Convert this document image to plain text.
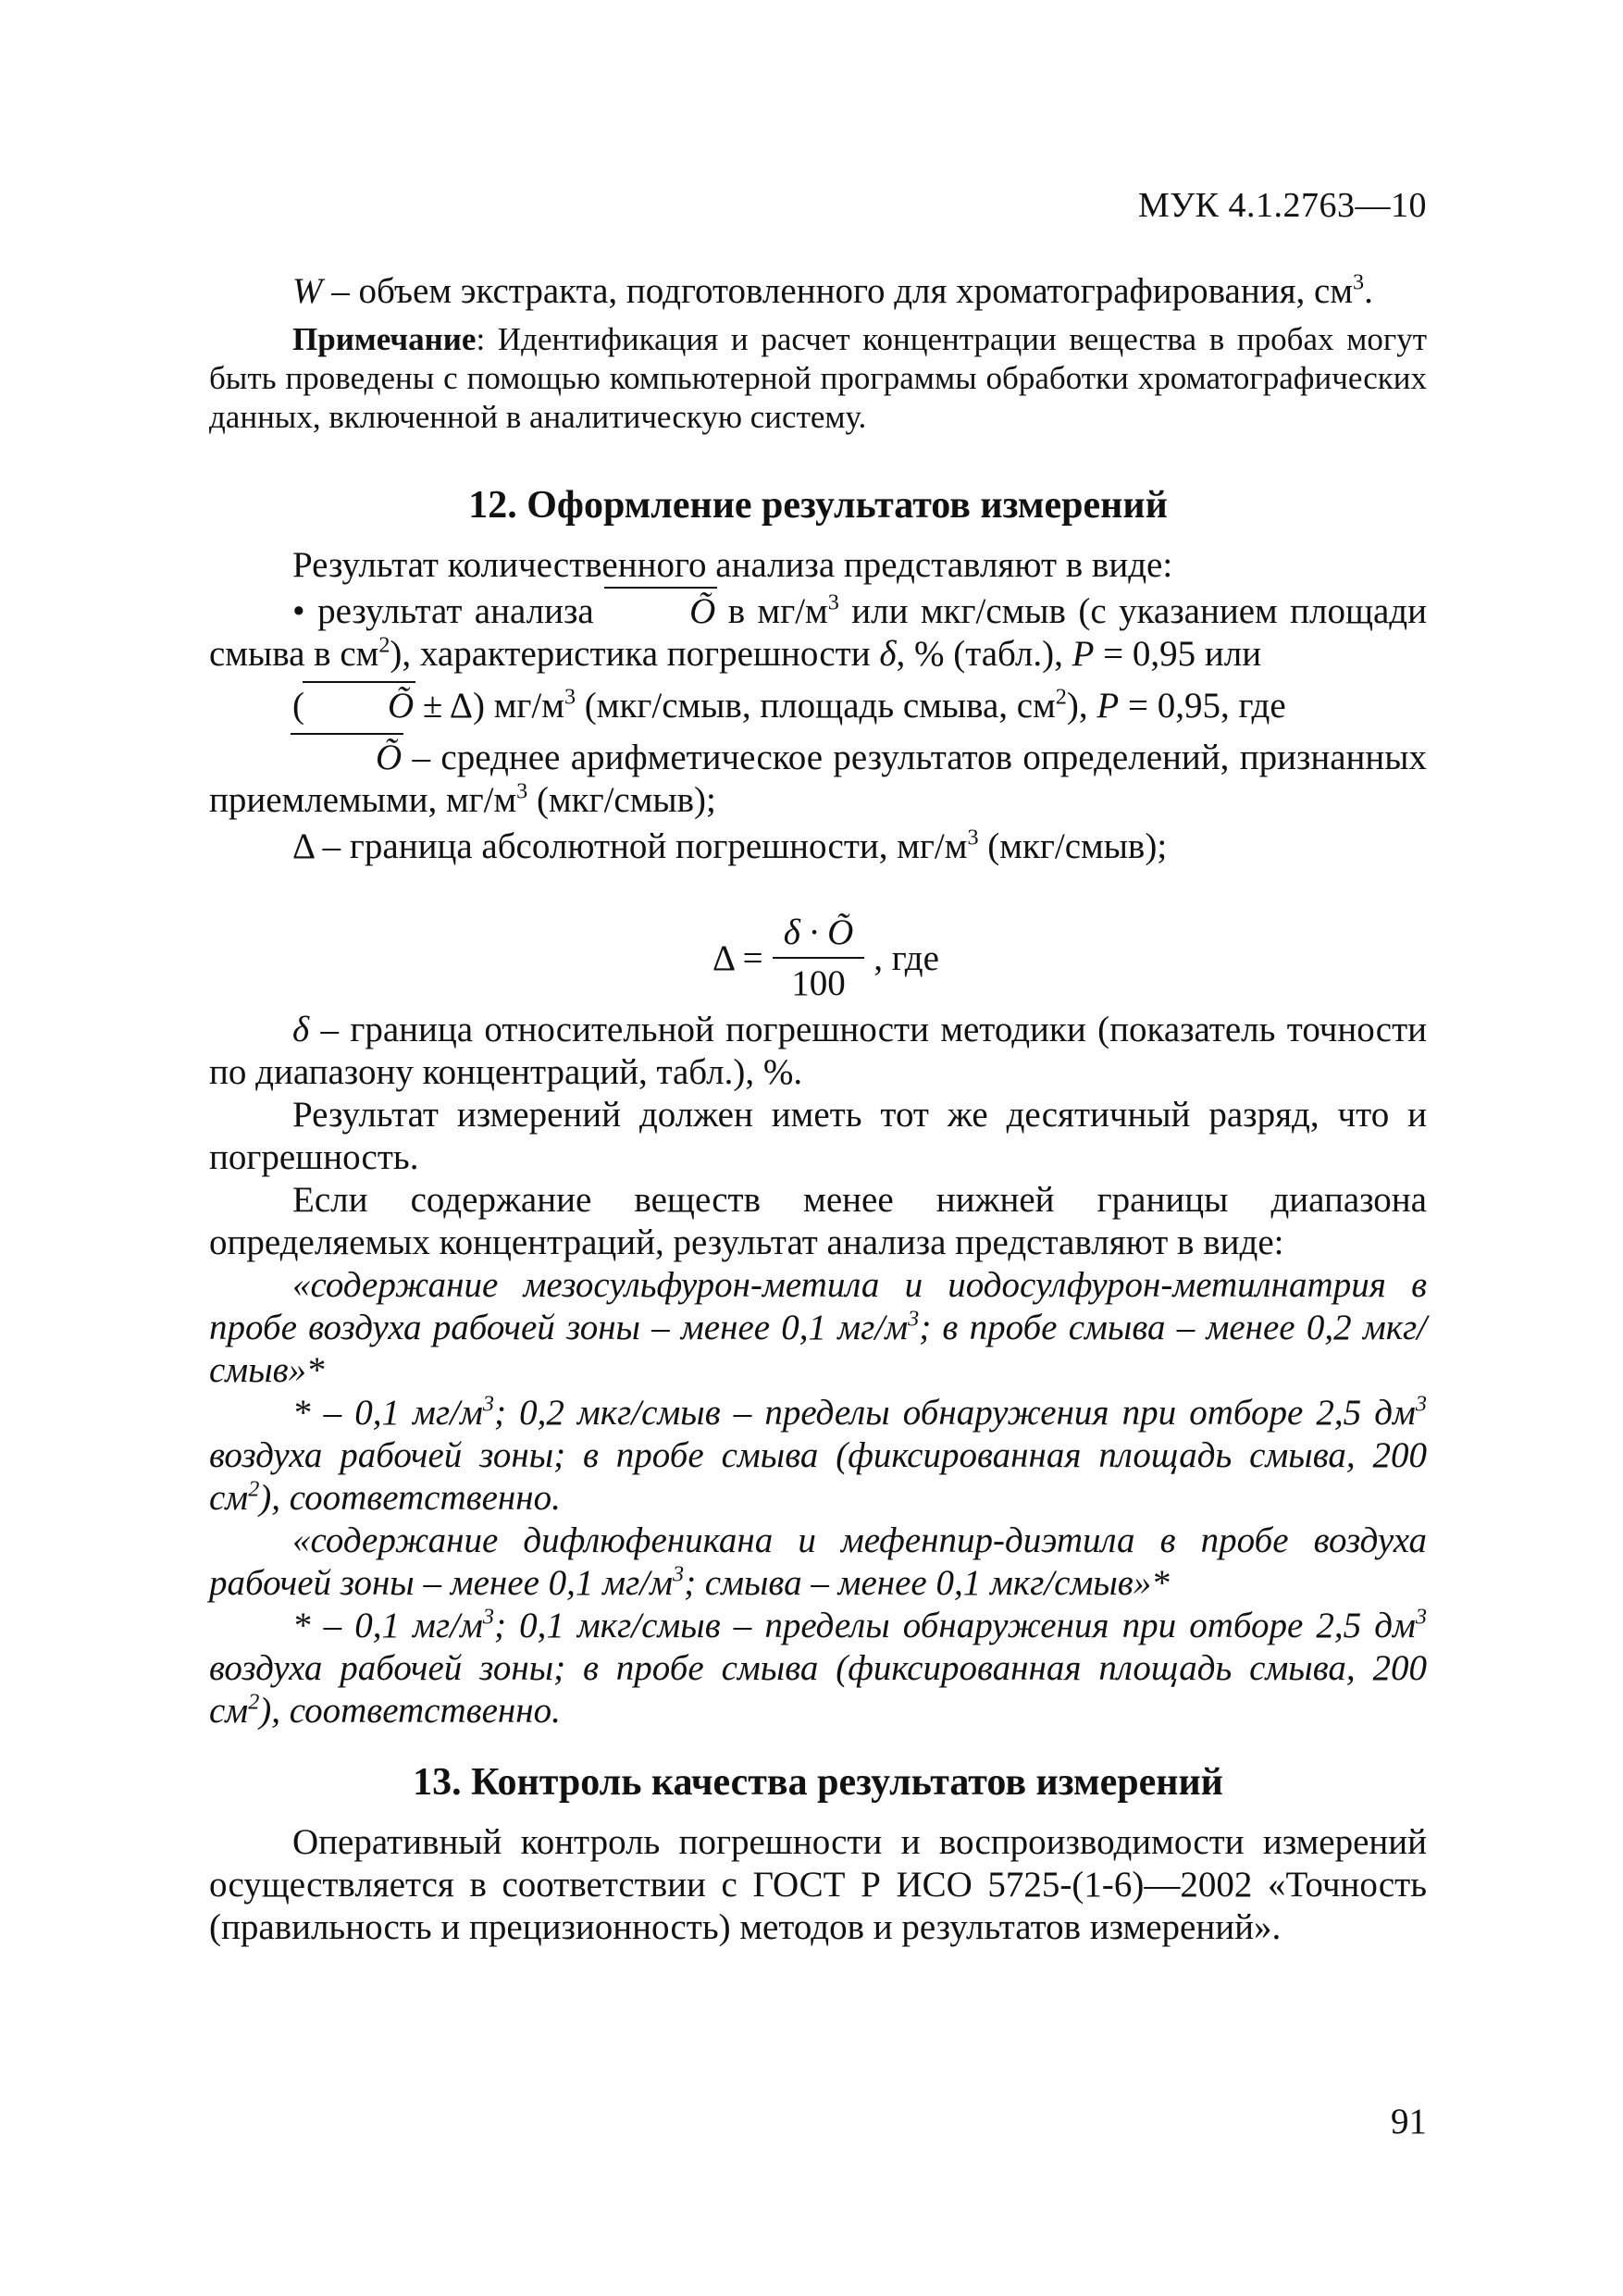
МУК 4.1.2763—10

W – объем экстракта, подготовленного для хроматографирования, $см^3$.

Примечание: Идентификация и расчет концентрации вещества в пробах могут быть проведены с помощью компьютерной программы обработки хроматографических данных, включенной в аналитическую систему.

12. Оформление результатов измерений

Результат количественного анализа представляют в виде:

• результат анализа Õ в $мг/м^3$ или мкг/смыв (с указанием площади смыва в $см^2$), характеристика погрешности δ, % (табл.), P = 0,95 или

( Õ ± Δ) $мг/м^3$ (мкг/смыв, площадь смыва, $см^2$), P = 0,95, где

Õ – среднее арифметическое результатов определений, признанных приемлемыми, $мг/м^3$ (мкг/смыв);

Δ – граница абсолютной погрешности, $мг/м^3$ (мкг/смыв);

$\Delta = \frac{\delta \cdot Õ}{100}$ , где

δ – граница относительной погрешности методики (показатель точности по диапазону концентраций, табл.), %.

Результат измерений должен иметь тот же десятичный разряд, что и погрешность.

Если содержание веществ менее нижней границы диапазона определяемых концентраций, результат анализа представляют в виде:

«содержание мезосульфурон-метила и иодосулфурон-метилнатрия в пробе воздуха рабочей зоны – менее 0,1 $мг/м^3$; в пробе смыва – менее 0,2 мкг/смыв»*

* – 0,1 $мг/м^3$; 0,2 мкг/смыв – пределы обнаружения при отборе 2,5 $дм^3$ воздуха рабочей зоны; в пробе смыва (фиксированная площадь смыва, 200 $см^2$), соответственно.

«содержание дифлюфеникана и мефенпир-диэтила в пробе воздуха рабочей зоны – менее 0,1 $мг/м^3$; смыва – менее 0,1 мкг/смыв»*

* – 0,1 $мг/м^3$; 0,1 мкг/смыв – пределы обнаружения при отборе 2,5 $дм^3$ воздуха рабочей зоны; в пробе смыва (фиксированная площадь смыва, 200 $см^2$), соответственно.

13. Контроль качества результатов измерений

Оперативный контроль погрешности и воспроизводимости измерений осуществляется в соответствии с ГОСТ Р ИСО 5725-(1-6)—2002 «Точность (правильность и прецизионность) методов и результатов измерений».

91
